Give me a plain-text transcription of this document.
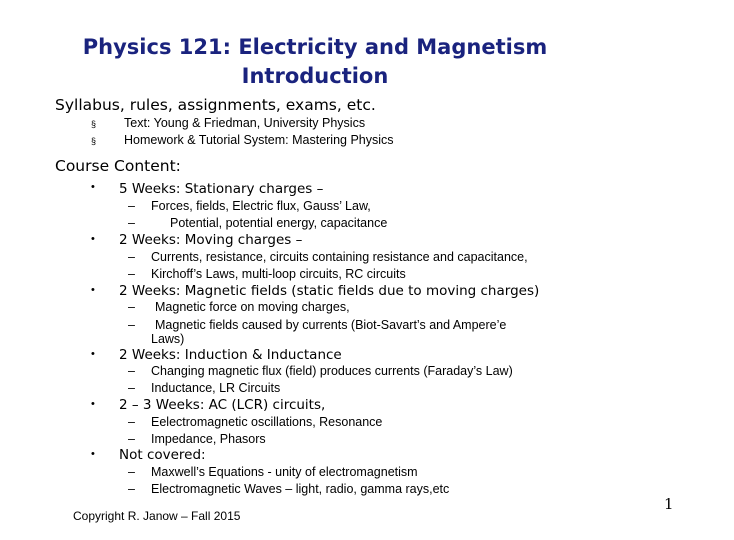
Physics 121: Electricity and Magnetism
Introduction
Syllabus, rules, assignments, exams, etc.
§ Text: Young & Friedman, University Physics
§ Homework & Tutorial System: Mastering Physics
Course Content:
• 5 Weeks: Stationary charges –
– Forces, fields, Electric flux, Gauss’ Law,
–	Potential, potential energy, capacitance
• 2 Weeks: Moving charges –
– Currents, resistance, circuits containing resistance and capacitance,
– Kirchoff’s Laws, multi-loop circuits, RC circuits
• 2 Weeks: Magnetic fields (static fields due to moving charges)
– Magnetic force on moving charges,
– Magnetic fields caused by currents (Biot-Savart’s and Ampere’e
Laws)
• 2 Weeks: Induction & Inductance
– Changing magnetic flux (field) produces currents (Faraday’s Law)
– Inductance, LR Circuits
• 2 – 3 Weeks: AC (LCR) circuits,
– Eelectromagnetic oscillations, Resonance
– Impedance, Phasors
• Not covered:
– Maxwell’s Equations - unity of electromagnetism
– Electromagnetic Waves – light, radio, gamma rays,etc
1
Copyright R. Janow – Fall 2015
